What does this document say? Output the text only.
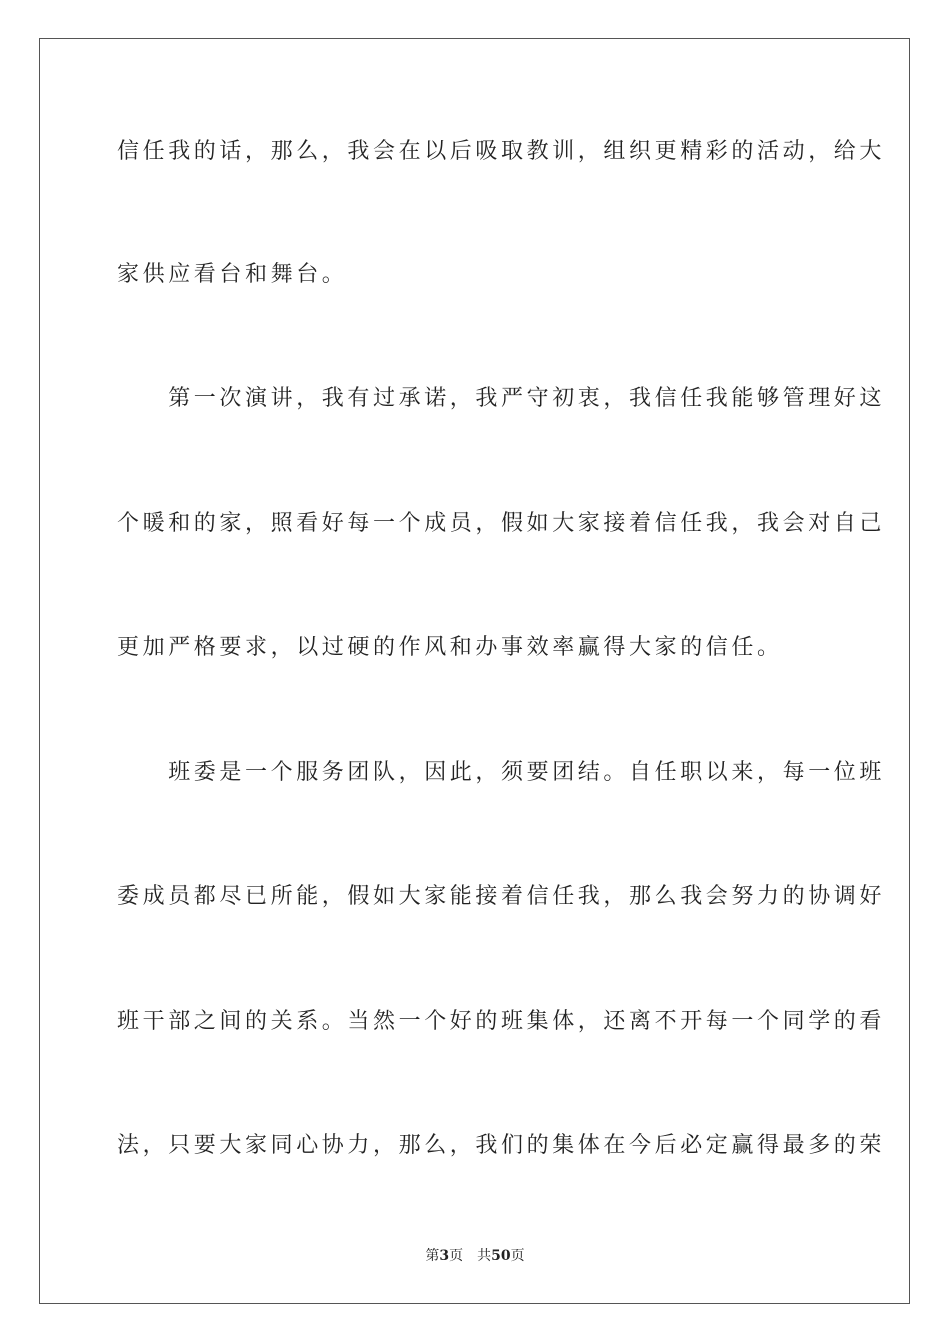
信任我的话，那么，我会在以后吸取教训，组织更精彩的活动，给大
家供应看台和舞台。
　　第一次演讲，我有过承诺，我严守初衷，我信任我能够管理好这
个暖和的家，照看好每一个成员，假如大家接着信任我，我会对自己
更加严格要求，以过硬的作风和办事效率赢得大家的信任。
　　班委是一个服务团队，因此，须要团结。自任职以来，每一位班
委成员都尽已所能，假如大家能接着信任我，那么我会努力的协调好
班干部之间的关系。当然一个好的班集体，还离不开每一个同学的看
法，只要大家同心协力，那么，我们的集体在今后必定赢得最多的荣
第3页 共50页
